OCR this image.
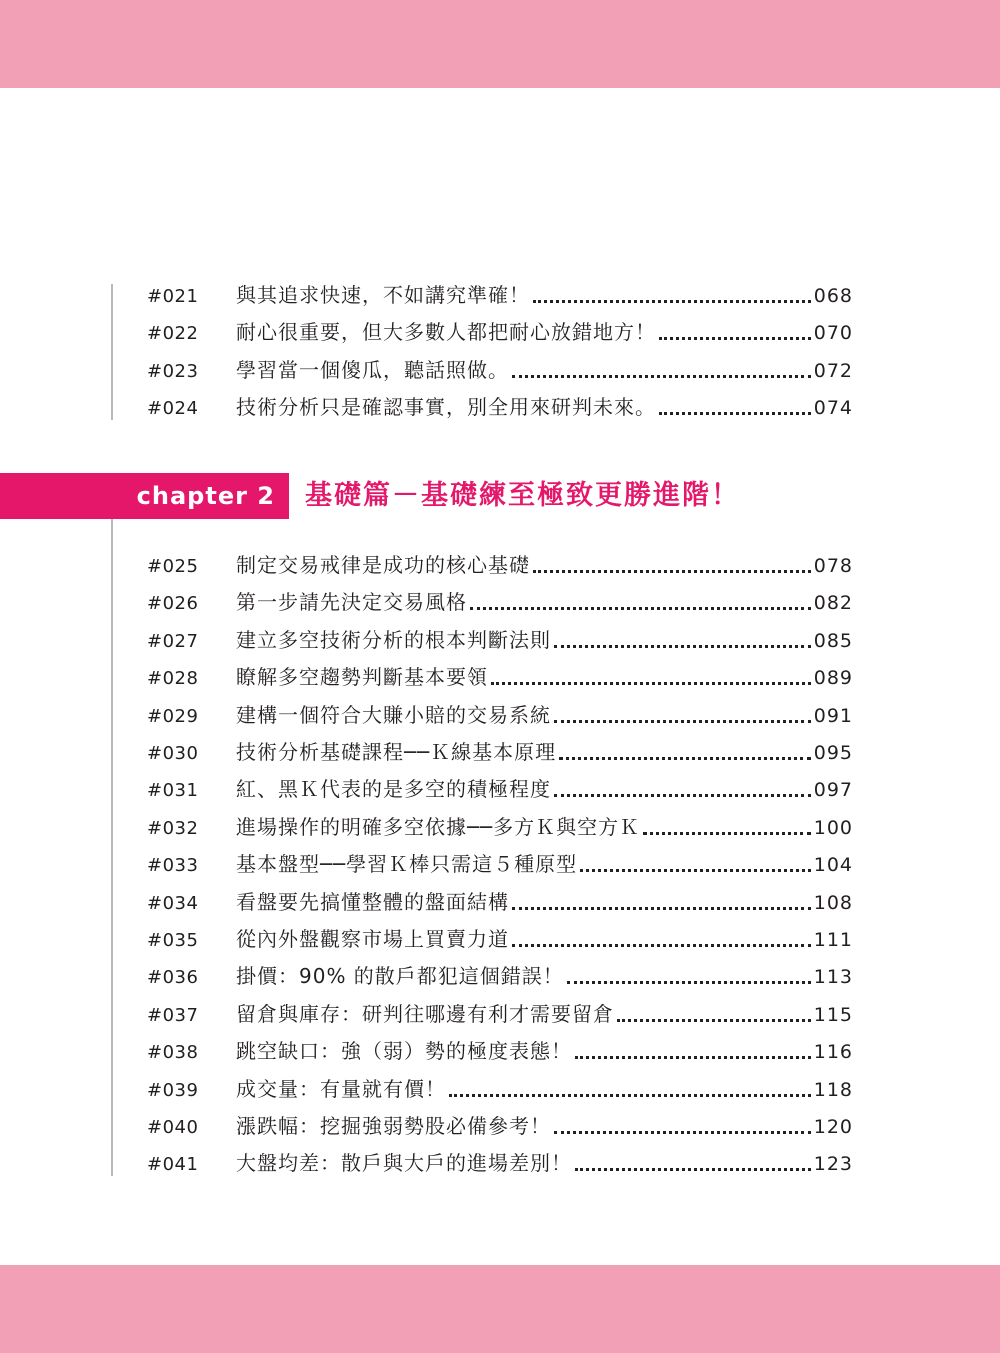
#021	與其追求快速，不如講究準確！	068
#022	耐心很重要，但大多數人都把耐心放錯地方！	070
#023	學習當一個傻瓜，聽話照做。	072
#024	技術分析只是確認事實，別全用來研判未來。	074
chapter 2 基礎篇－基礎練至極致更勝進階！
#025	制定交易戒律是成功的核心基礎	078
#026	第一步請先決定交易風格	082
#027	建立多空技術分析的根本判斷法則	085
#028	瞭解多空趨勢判斷基本要領	089
#029	建構一個符合大賺小賠的交易系統	091
#030	技術分析基礎課程──Ｋ線基本原理	095
#031	紅、黑Ｋ代表的是多空的積極程度	097
#032	進場操作的明確多空依據──多方Ｋ與空方Ｋ	100
#033	基本盤型──學習Ｋ棒只需這５種原型	104
#034	看盤要先搞懂整體的盤面結構	108
#035	從內外盤觀察市場上買賣力道	111
#036	掛價：90% 的散戶都犯這個錯誤！	113
#037	留倉與庫存：研判往哪邊有利才需要留倉	115
#038	跳空缺口：強（弱）勢的極度表態！	116
#039	成交量：有量就有價！	118
#040	漲跌幅：挖掘強弱勢股必備參考！	120
#041	大盤均差：散戶與大戶的進場差別！	123
